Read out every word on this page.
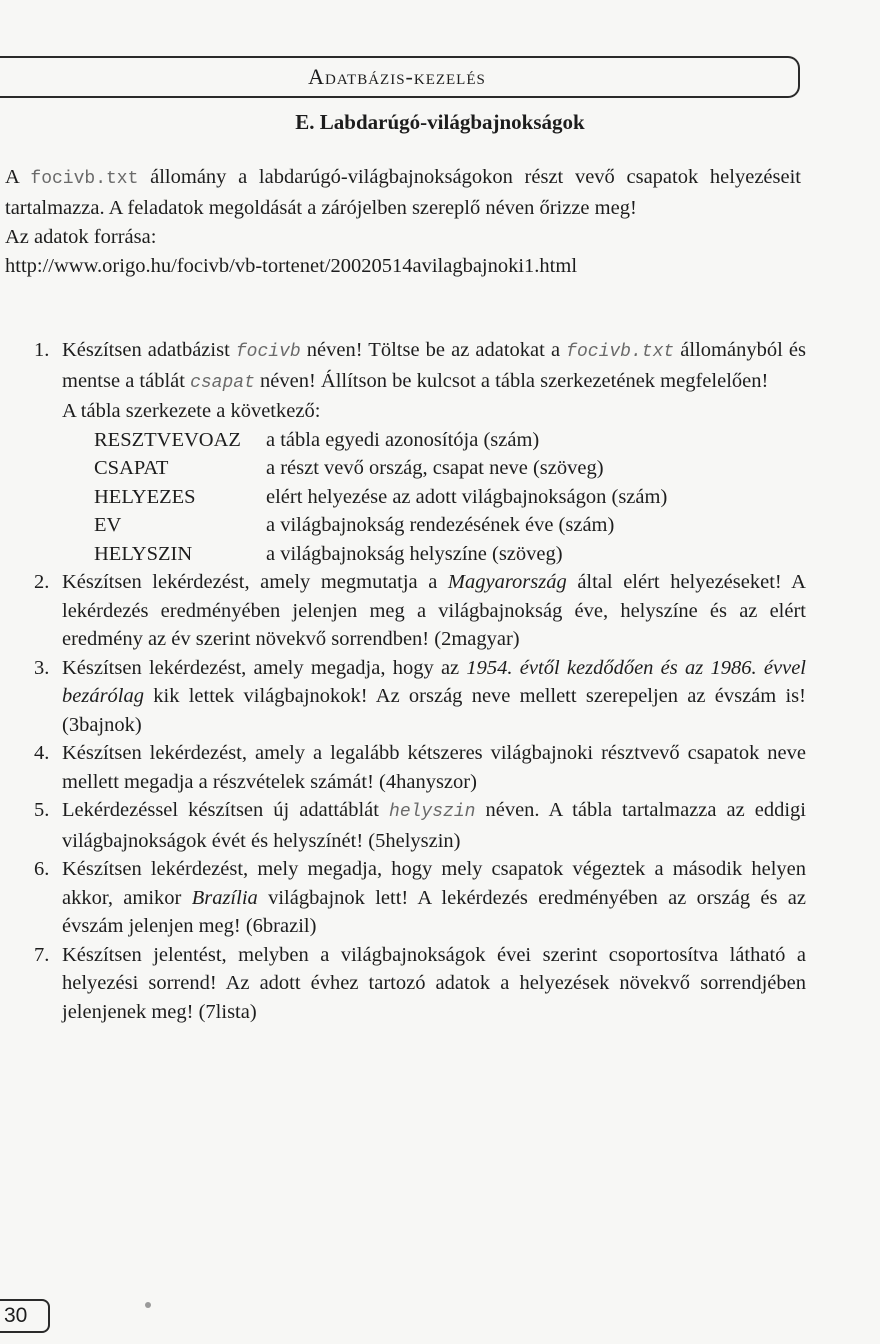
Adatbázis-kezelés
E. Labdarúgó-világbajnokságok

A focivb.txt állomány a labdarúgó-világbajnokságokon részt vevő csapatok helyezéseit tartalmazza. A feladatok megoldását a zárójelben szereplő néven őrizze meg!

Az adatok forrása:

http://www.origo.hu/focivb/vb-tortenet/20020514avilagbajnoki1.html

1. Készítsen adatbázist focivb néven! Töltse be az adatokat a focivb.txt állományból és mentse a táblát csapat néven! Állítson be kulcsot a tábla szerkezetének megfelelően!

A tábla szerkezete a következő:

RESZTVEVOAZ	a tábla egyedi azonosítója (szám)
CSAPAT	a részt vevő ország, csapat neve (szöveg)
HELYEZES	elért helyezése az adott világbajnokságon (szám)
EV	a világbajnokság rendezésének éve (szám)
HELYSZIN	a világbajnokság helyszíne (szöveg)
2. Készítsen lekérdezést, amely megmutatja a Magyarország által elért helyezéseket! A lekérdezés eredményében jelenjen meg a világbajnokság éve, helyszíne és az elért eredmény az év szerint növekvő sorrendben! (2magyar)
3. Készítsen lekérdezést, amely megadja, hogy az 1954. évtől kezdődően és az 1986. évvel bezárólag kik lettek világbajnokok! Az ország neve mellett szerepeljen az évszám is! (3bajnok)
4. Készítsen lekérdezést, amely a legalább kétszeres világbajnoki résztvevő csapatok neve mellett megadja a részvételek számát! (4hanyszor)
5. Lekérdezéssel készítsen új adattáblát helyszin néven. A tábla tartalmazza az eddigi világbajnokságok évét és helyszínét! (5helyszin)
6. Készítsen lekérdezést, mely megadja, hogy mely csapatok végeztek a második helyen akkor, amikor Brazília világbajnok lett! A lekérdezés eredményében az ország és az évszám jelenjen meg! (6brazil)
7. Készítsen jelentést, melyben a világbajnokságok évei szerint csoportosítva látható a helyezési sorrend! Az adott évhez tartozó adatok a helyezések növekvő sorrendjében jelenjenek meg! (7lista)
30
